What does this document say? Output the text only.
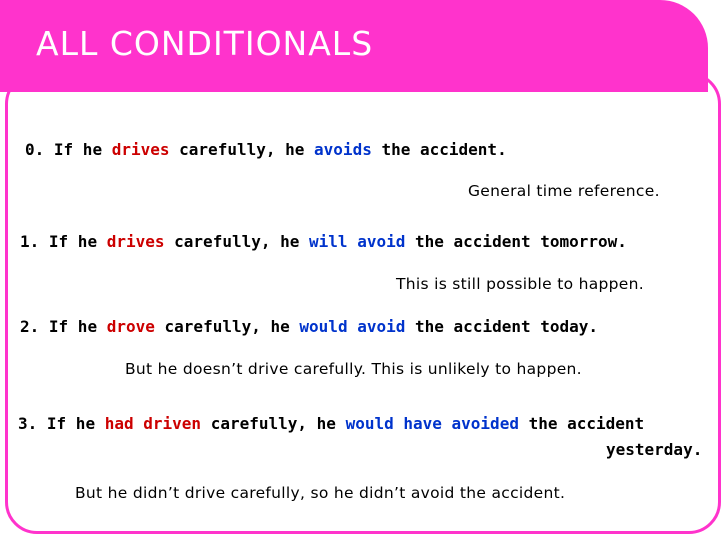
ALL CONDITIONALS
0. If he drives carefully, he avoids the accident.
General time reference.
1. If he drives carefully, he will avoid the accident tomorrow.
This is still possible to happen.
2. If he drove carefully, he would avoid the accident today.
But he doesn’t drive carefully. This is unlikely to happen.
3. If he had driven carefully, he would have avoided the accident
yesterday.
But he didn’t drive carefully, so he didn’t avoid the accident.
